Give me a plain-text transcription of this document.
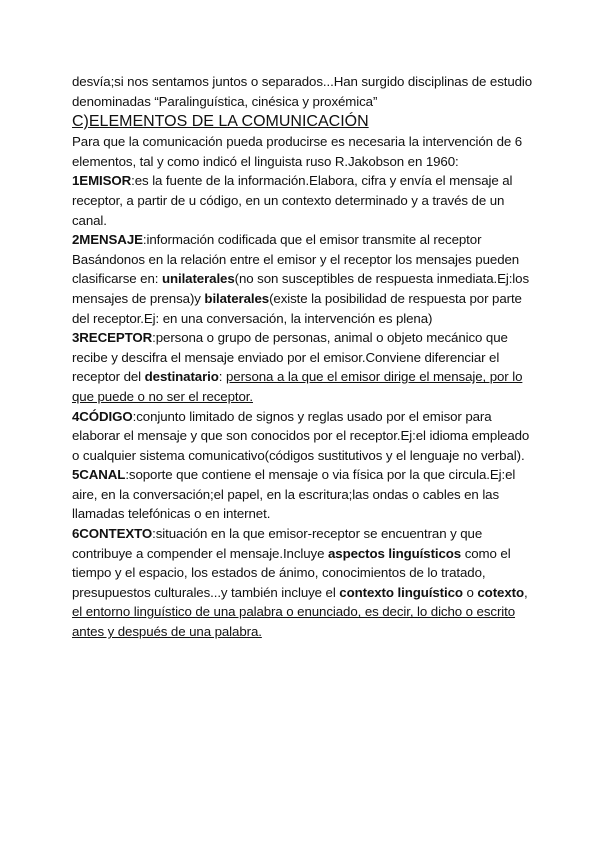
desvía;si nos sentamos juntos o separados...Han surgido disciplinas de estudio denominadas “Paralinguística, cinésica y proxémica”

C)ELEMENTOS DE LA COMUNICACIÓN

Para que la comunicación pueda producirse es necesaria la intervención de 6 elementos, tal y como indicó el linguista ruso R.Jakobson en 1960:

1EMISOR:es la fuente de la información.Elabora, cifra y envía el mensaje al receptor, a partir de u código, en un contexto determinado y a través de un canal.

2MENSAJE:información codificada que el emisor transmite al receptor Basándonos en la relación entre el emisor y el receptor los mensajes pueden clasificarse en: unilaterales(no son susceptibles de respuesta inmediata.Ej:los mensajes de prensa)y bilaterales(existe la posibilidad de respuesta por parte del receptor.Ej: en una conversación, la intervención es plena)

3RECEPTOR:persona o grupo de personas, animal o objeto mecánico que recibe y descifra el mensaje enviado por el emisor.Conviene diferenciar el receptor del destinatario: persona a la que el emisor dirige el mensaje, por lo que puede o no ser el receptor.

4CÓDIGO:conjunto limitado de signos y reglas usado por el emisor para elaborar el mensaje y que son conocidos por el receptor.Ej:el idioma empleado o cualquier sistema comunicativo(códigos sustitutivos y el lenguaje no verbal).

5CANAL:soporte que contiene el mensaje o via física por la que circula.Ej:el aire, en la conversación;el papel, en la escritura;las ondas o cables en las llamadas telefónicas o en internet.

6CONTEXTO:situación en la que emisor-receptor se encuentran y que contribuye a compender el mensaje.Incluye aspectos linguísticos como el tiempo y el espacio, los estados de ánimo, conocimientos de lo tratado, presupuestos culturales...y también incluye el contexto linguístico o cotexto, el entorno linguístico de una palabra o enunciado, es decir, lo dicho o escrito antes y después de una palabra.
